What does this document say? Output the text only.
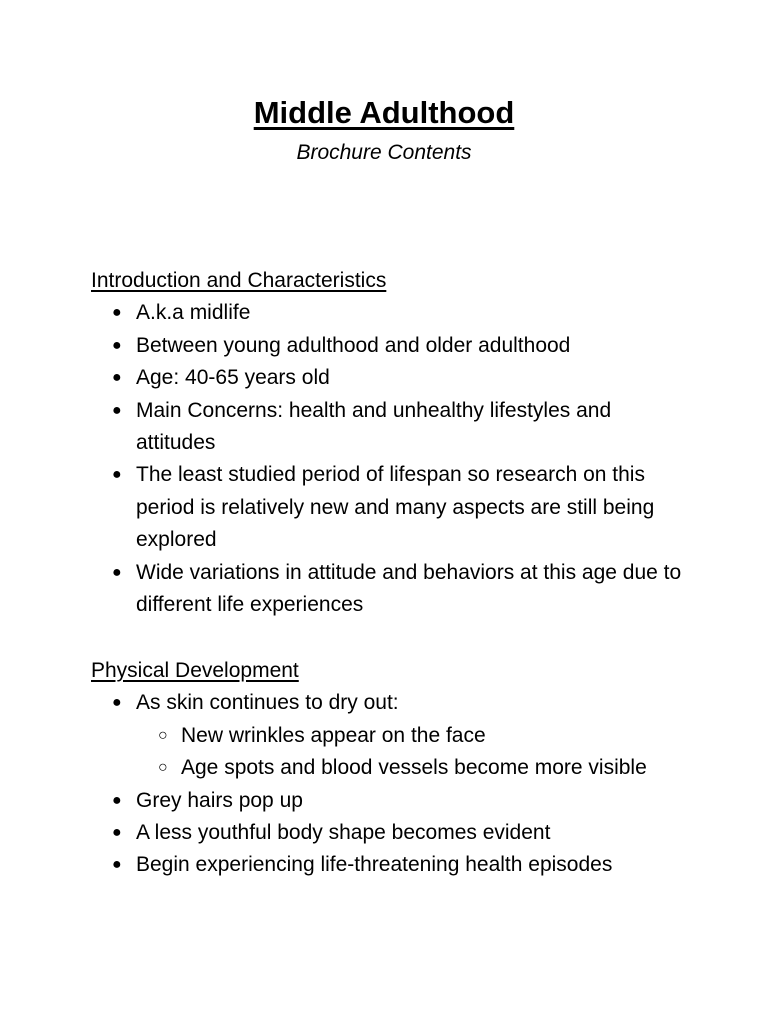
Middle Adulthood

Brochure Contents

Introduction and Characteristics

● A.k.a midlife
● Between young adulthood and older adulthood
● Age: 40-65 years old
● Main Concerns: health and unhealthy lifestyles and attitudes
● The least studied period of lifespan so research on this period is relatively new and many aspects are still being explored
● Wide variations in attitude and behaviors at this age due to different life experiences

Physical Development

● As skin continues to dry out:
○ New wrinkles appear on the face
○ Age spots and blood vessels become more visible
● Grey hairs pop up
● A less youthful body shape becomes evident
● Begin experiencing life-threatening health episodes
